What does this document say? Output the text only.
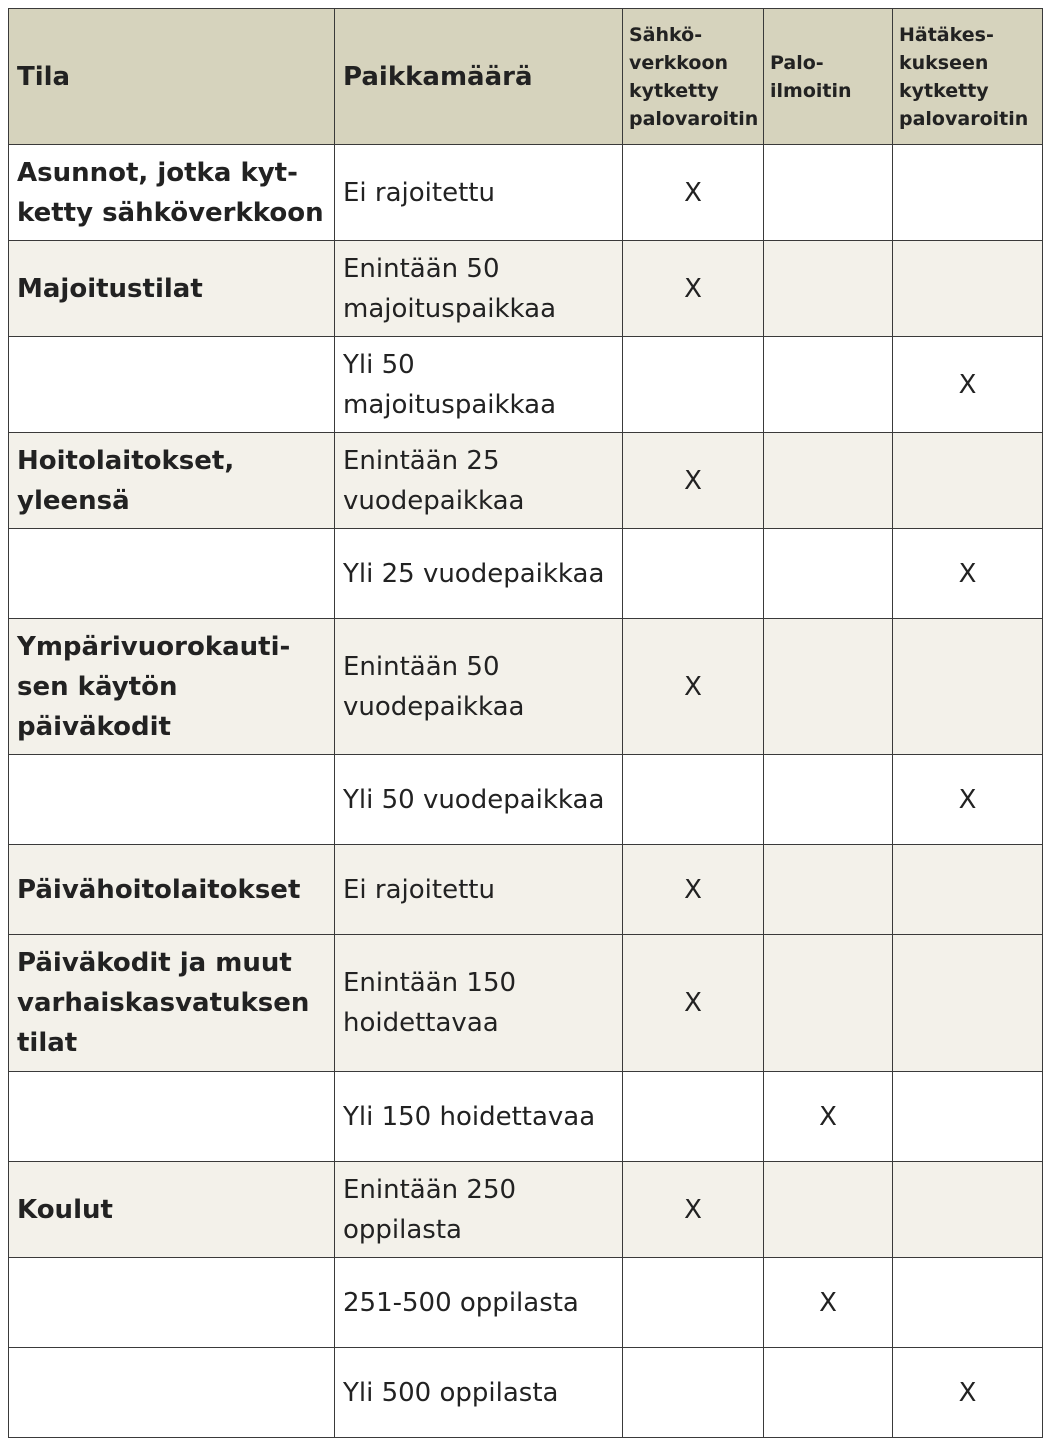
Tila	Paikkamäärä	Sähkö-
verkkoon
kytketty
palovaroitin	Palo-
ilmoitin	Hätäkes-
kukseen
kytketty
palovaroitin
Asunnot, jotka kyt-
ketty sähköverkkoon	Ei rajoitettu	X		
Majoitustilat	Enintään 50
majoituspaikkaa	X		
	Yli 50
majoituspaikkaa			X
Hoitolaitokset,
yleensä	Enintään 25
vuodepaikkaa	X		
	Yli 25 vuodepaikkaa			X
Ympärivuorokauti-
sen käytön
päiväkodit	Enintään 50
vuodepaikkaa	X		
	Yli 50 vuodepaikkaa			X
Päivähoitolaitokset	Ei rajoitettu	X		
Päiväkodit ja muut
varhaiskasvatuksen
tilat	Enintään 150
hoidettavaa	X		
	Yli 150 hoidettavaa		X	
Koulut	Enintään 250
oppilasta	X		
	251-500 oppilasta		X	
	Yli 500 oppilasta			X
